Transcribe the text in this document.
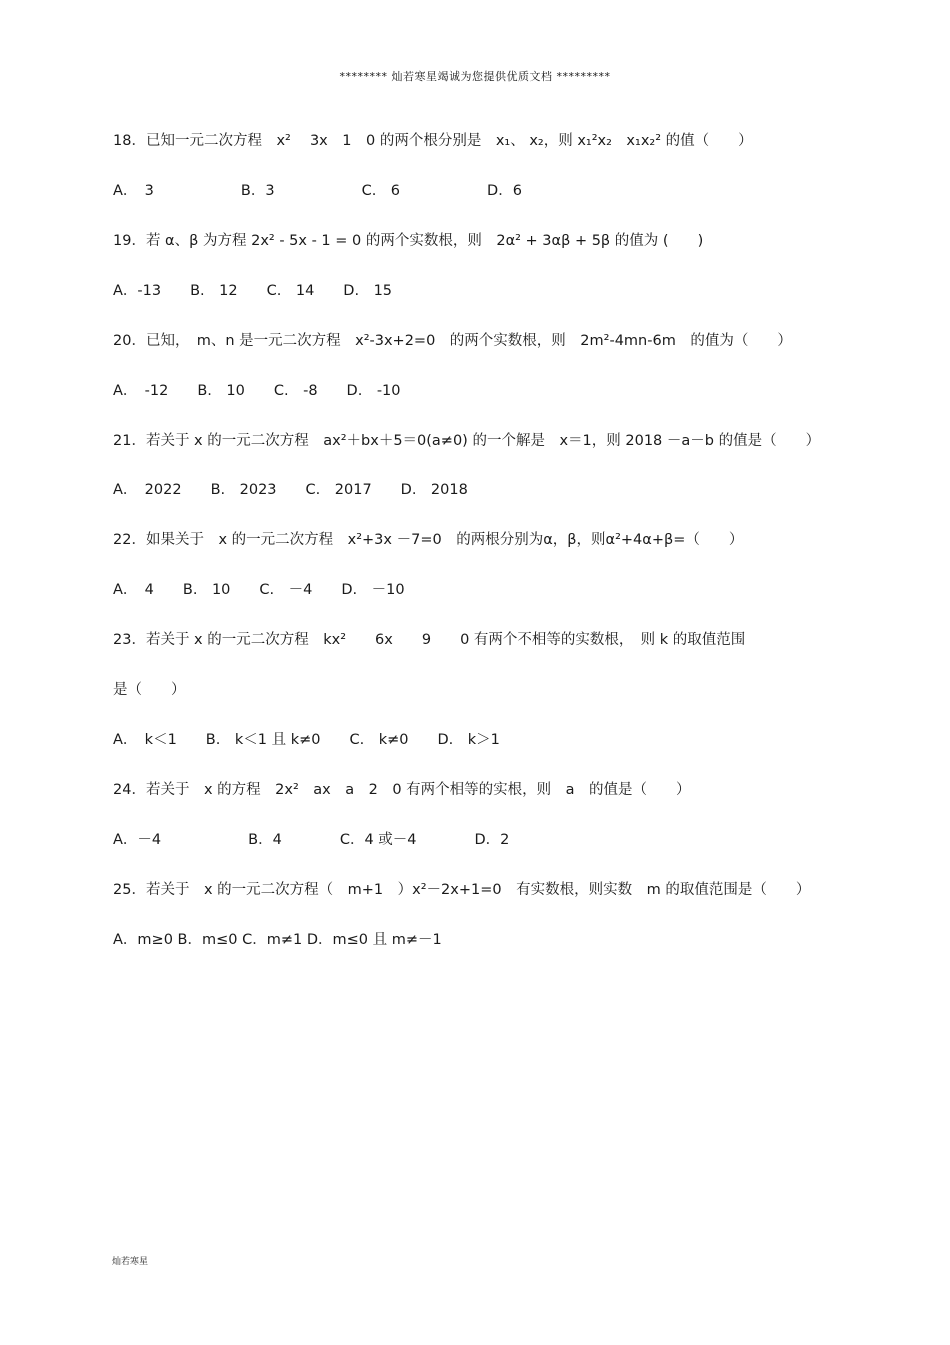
******** 灿若寒星竭诚为您提供优质文档 *********
18．已知一元二次方程　x² 　3x　1　0 的两个根分别是　x₁、 x₂，则 x₁²x₂　x₁x₂² 的值（　　）
A．　3　　　　　　B．3　　　　　　C.　6　　　　　　D．6
19．若 α、β 为方程 2x² - 5x - 1 = 0 的两个实数根，则　2α² + 3αβ + 5β 的值为 (　　)
A．-13　　B.　12　　C.　14　　D.　15
20．已知，　m、n 是一元二次方程　x²-3x+2=0　的两个实数根，则　2m²-4mn-6m　的值为（　　）
A．　-12　　B.　10　　C.　-8　　D.　-10
21．若关于 x 的一元二次方程　ax²＋bx＋5＝0(a≠0) 的一个解是　x＝1，则 2018 －a－b 的值是（　　）
A．　2022　　B.　2023　　C.　2017　　D.　2018
22．如果关于　x 的一元二次方程　x²+3x －7=0　的两根分别为α，β，则α²+4α+β=（　　）
A．　4　　B.　10　　C.　－4　　D.　－10
23．若关于 x 的一元二次方程　kx²　　6x　　9　　0 有两个不相等的实数根，　则 k 的取值范围
是（　　）
A．　k＜1　　B.　k＜1 且 k≠0　　C.　k≠0　　D.　k＞1
24．若关于　x 的方程　2x²　ax　a　2　0 有两个相等的实根，则　a　的值是（　　）
A．－4　　　　　　B．4　　　　C．4 或－4　　　　D．2
25．若关于　x 的一元二次方程（　m+1　）x²－2x+1=0　有实数根，则实数　m 的取值范围是（　　）
A．m≥0 B．m≤0 C．m≠1 D．m≤0 且 m≠－1
灿若寒星
